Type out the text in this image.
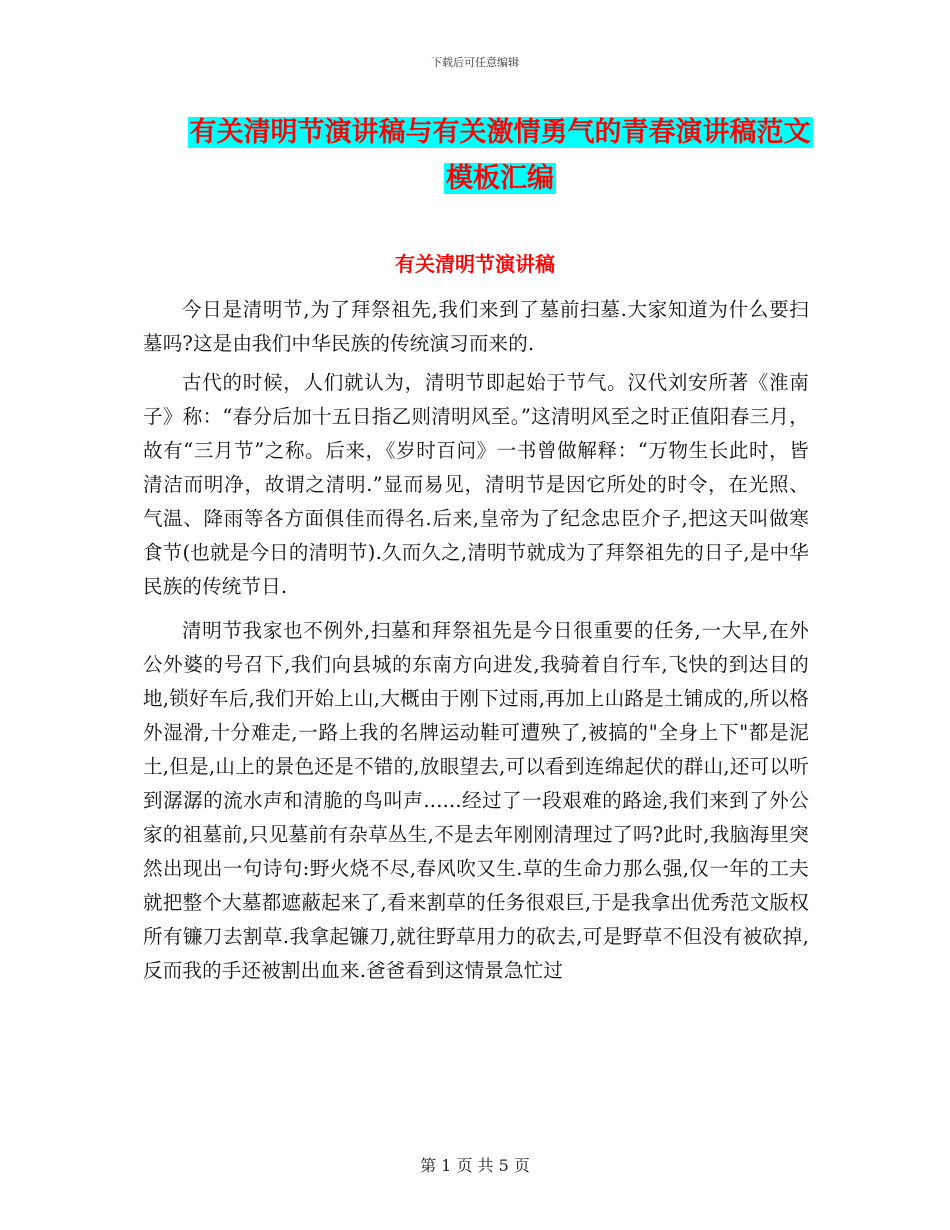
下载后可任意编辑
有关清明节演讲稿与有关激情勇气的青春演讲稿范文
模板汇编
有关清明节演讲稿

今日是清明节,为了拜祭祖先,我们来到了墓前扫墓.大家知道为什么要扫墓吗?这是由我们中华民族的传统演习而来的.

古代的时候，人们就认为，清明节即起始于节气。汉代刘安所著《淮南子》称：“春分后加十五日指乙则清明风至。”这清明风至之时正值阳春三月，故有“三月节”之称。后来，《岁时百问》一书曾做解释：“万物生长此时，皆清洁而明净，故谓之清明.”显而易见，清明节是因它所处的时令，在光照、气温、降雨等各方面俱佳而得名.后来,皇帝为了纪念忠臣介子,把这天叫做寒食节(也就是今日的清明节).久而久之,清明节就成为了拜祭祖先的日子,是中华民族的传统节日.

清明节我家也不例外,扫墓和拜祭祖先是今日很重要的任务,一大早,在外公外婆的号召下,我们向县城的东南方向进发,我骑着自行车,飞快的到达目的地,锁好车后,我们开始上山,大概由于刚下过雨,再加上山路是土铺成的,所以格外湿滑,十分难走,一路上我的名牌运动鞋可遭殃了,被搞的"全身上下"都是泥土,但是,山上的景色还是不错的,放眼望去,可以看到连绵起伏的群山,还可以听到潺潺的流水声和清脆的鸟叫声......经过了一段艰难的路途,我们来到了外公家的祖墓前,只见墓前有杂草丛生,不是去年刚刚清理过了吗?此时,我脑海里突然出现出一句诗句:野火烧不尽,春风吹又生.草的生命力那么强,仅一年的工夫就把整个大墓都遮蔽起来了,看来割草的任务很艰巨,于是我拿出优秀范文版权所有镰刀去割草.我拿起镰刀,就往野草用力的砍去,可是野草不但没有被砍掉,反而我的手还被割出血来.爸爸看到这情景急忙过

第 1 页 共 5 页
